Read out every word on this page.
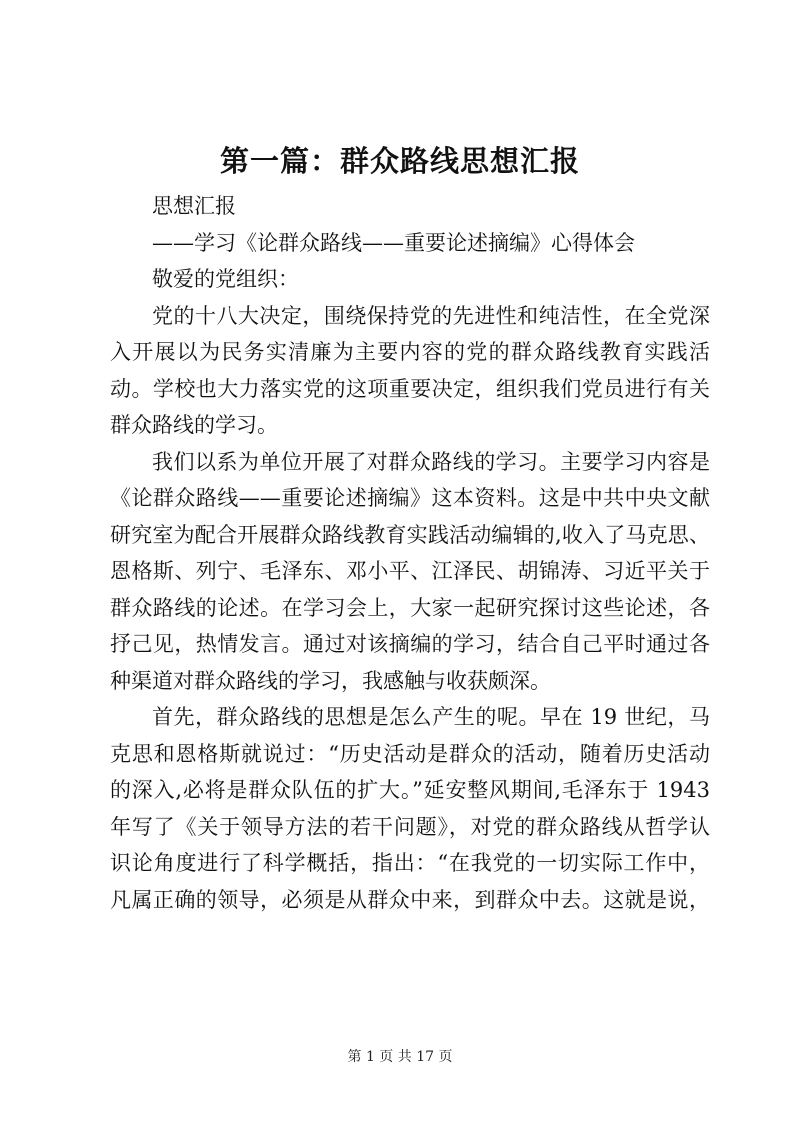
第一篇：群众路线思想汇报

思想汇报

——学习《论群众路线——重要论述摘编》心得体会

敬爱的党组织：

党的十八大决定，围绕保持党的先进性和纯洁性，在全党深

入开展以为民务实清廉为主要内容的党的群众路线教育实践活

动。学校也大力落实党的这项重要决定，组织我们党员进行有关

群众路线的学习。

我们以系为单位开展了对群众路线的学习。主要学习内容是

《论群众路线——重要论述摘编》这本资料。这是中共中央文献

研究室为配合开展群众路线教育实践活动编辑的,收入了马克思、

恩格斯、列宁、毛泽东、邓小平、江泽民、胡锦涛、习近平关于

群众路线的论述。在学习会上，大家一起研究探讨这些论述，各

抒己见，热情发言。通过对该摘编的学习，结合自己平时通过各

种渠道对群众路线的学习，我感触与收获颇深。

首先，群众路线的思想是怎么产生的呢。早在 19 世纪，马

克思和恩格斯就说过：“历史活动是群众的活动，随着历史活动

的深入,必将是群众队伍的扩大。”延安整风期间,毛泽东于 1943

年写了《关于领导方法的若干问题》，对党的群众路线从哲学认

识论角度进行了科学概括，指出：“在我党的一切实际工作中，

凡属正确的领导，必须是从群众中来，到群众中去。这就是说，

第 1 页 共 17 页
